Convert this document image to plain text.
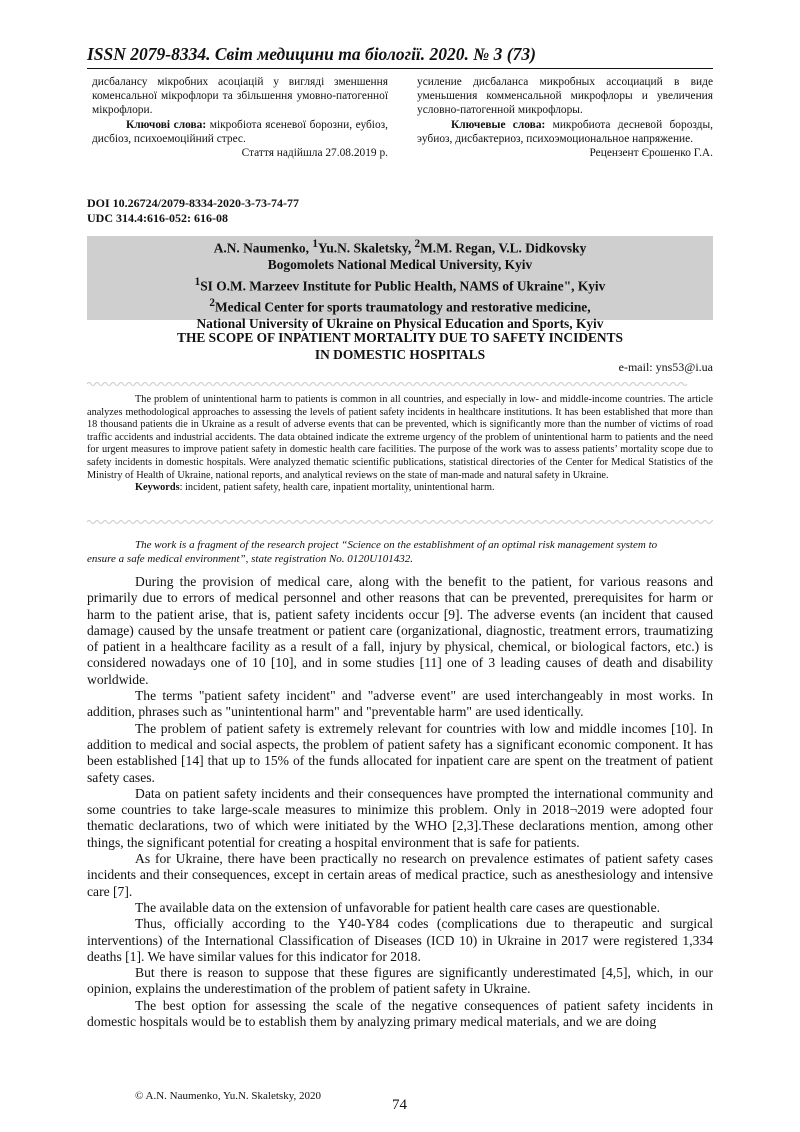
ISSN 2079-8334. Світ медицини та біології. 2020. № 3 (73)

дисбалансу мікробних асоціацій у вигляді зменшення коменсальної мікрофлори та збільшення умовно-патогенної мікрофлори.

Ключові слова: мікробіота ясеневої борозни, еубіоз, дисбіоз, психоемоційний стрес.

Стаття надійшла 27.08.2019 р.

усиление дисбаланса микробных ассоциаций в виде уменьшения комменсальной микрофлоры и увеличения условно-патогенной микрофлоры.

Ключевые слова: микробиота десневой борозды, эубиоз, дисбактериоз, психоэмоциональное напряжение.

Рецензент Єрошенко Г.А.

DOI 10.26724/2079-8334-2020-3-73-74-77
UDC 314.4:616-052: 616-08
A.N. Naumenko, $^1$Yu.N. Skaletsky, $^2$M.M. Regan, V.L. Didkovsky
Bogomolets National Medical University, Kyiv
$^1$SI O.M. Marzeev Institute for Public Health, NAMS of Ukraine", Kyiv
$^2$Medical Center for sports traumatology and restorative medicine,
National University of Ukraine on Physical Education and Sports, Kyiv
THE SCOPE OF INPATIENT MORTALITY DUE TO SAFETY INCIDENTS
IN DOMESTIC HOSPITALS
e-mail: yns53@i.ua

The problem of unintentional harm to patients is common in all countries, and especially in low- and middle-income countries. The article analyzes methodological approaches to assessing the levels of patient safety incidents in healthcare institutions. It has been established that more than 18 thousand patients die in Ukraine as a result of adverse events that can be prevented, which is significantly more than the number of victims of road traffic accidents and industrial accidents. The data obtained indicate the extreme urgency of the problem of unintentional harm to patients and the need for urgent measures to improve patient safety in domestic health care facilities. The purpose of the work was to assess patients’ mortality scope due to safety incidents in domestic hospitals. Were analyzed thematic scientific publications, statistical directories of the Center for Medical Statistics of the Ministry of Health of Ukraine, national reports, and analytical reviews on the state of man-made and natural safety in Ukraine.

Keywords: incident, patient safety, health care, inpatient mortality, unintentional harm.

The work is a fragment of the research project “Science on the establishment of an optimal risk management system to
ensure a safe medical environment”, state registration No. 0120U101432.

During the provision of medical care, along with the benefit to the patient, for various reasons and primarily due to errors of medical personnel and other reasons that can be prevented, prerequisites for harm or harm to the patient arise, that is, patient safety incidents occur [9]. The adverse events (an incident that caused damage) caused by the unsafe treatment or patient care (organizational, diagnostic, treatment errors, traumatizing of patient in a healthcare facility as a result of a fall, injury by physical, chemical, or biological factors, etc.) is considered nowadays one of 10 [10], and in some studies [11] one of 3 leading causes of death and disability worldwide.

The terms "patient safety incident" and "adverse event" are used interchangeably in most works. In addition, phrases such as "unintentional harm" and "preventable harm" are used identically.

The problem of patient safety is extremely relevant for countries with low and middle incomes [10]. In addition to medical and social aspects, the problem of patient safety has a significant economic component. It has been established [14] that up to 15% of the funds allocated for inpatient care are spent on the treatment of patient safety cases.

Data on patient safety incidents and their consequences have prompted the international community and some countries to take large-scale measures to minimize this problem. Only in 2018¬2019 were adopted four thematic declarations, two of which were initiated by the WHO [2,3].These declarations mention, among other things, the significant potential for creating a hospital environment that is safe for patients.

As for Ukraine, there have been practically no research on prevalence estimates of patient safety cases incidents and their consequences, except in certain areas of medical practice, such as anesthesiology and intensive care [7].

The available data on the extension of unfavorable for patient health care cases are questionable.

Thus, officially according to the Y40-Y84 codes (complications due to therapeutic and surgical interventions) of the International Classification of Diseases (ICD 10) in Ukraine in 2017 were registered 1,334 deaths [1]. We have similar values for this indicator for 2018.

But there is reason to suppose that these figures are significantly underestimated [4,5], which, in our opinion, explains the underestimation of the problem of patient safety in Ukraine.

The best option for assessing the scale of the negative consequences of patient safety incidents in domestic hospitals would be to establish them by analyzing primary medical materials, and we are doing

© A.N. Naumenko, Yu.N. Skaletsky, 2020
74
